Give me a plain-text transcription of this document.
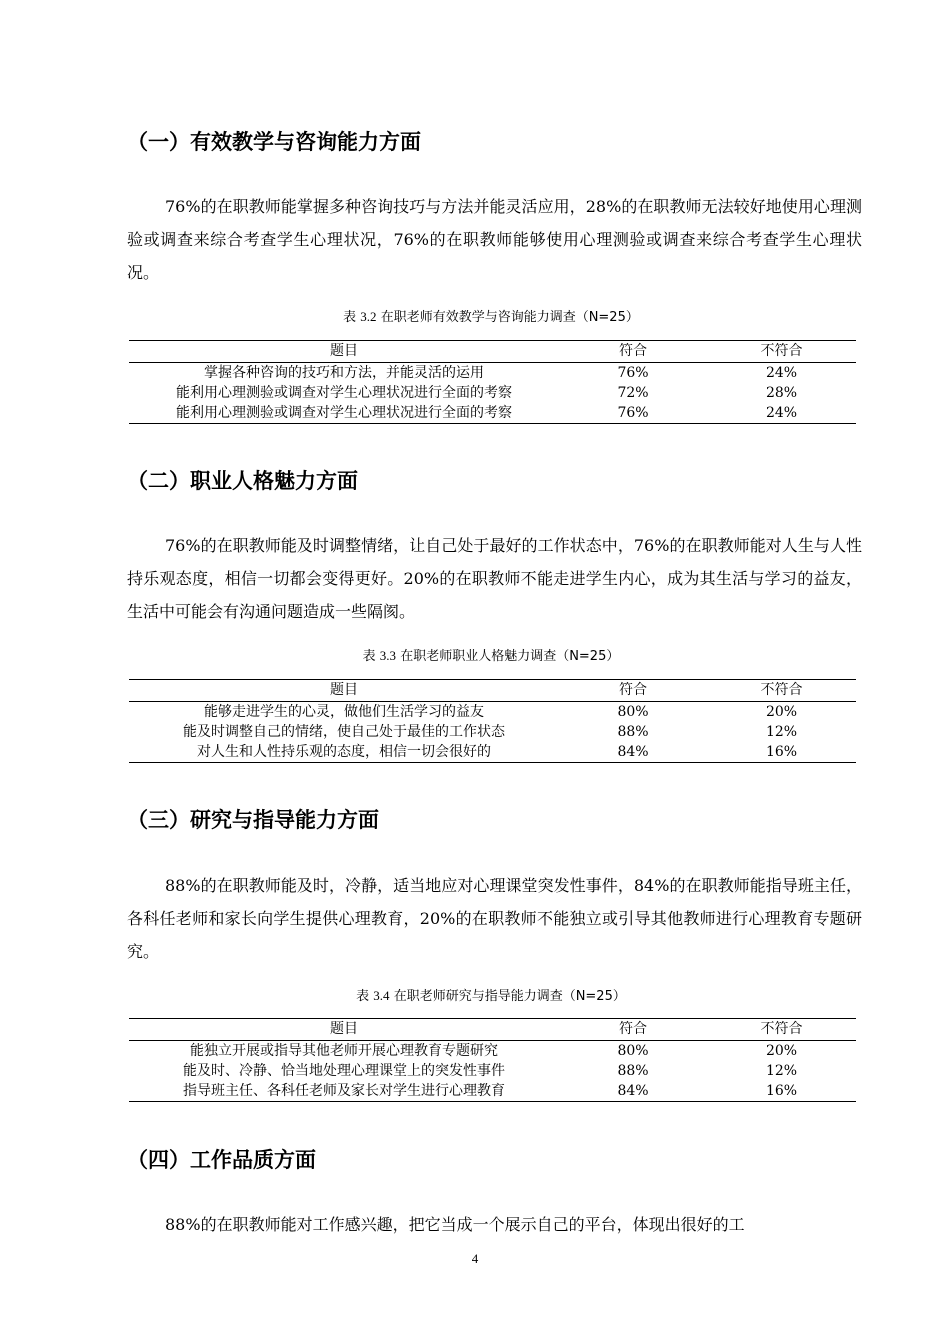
（一）有效教学与咨询能力方面
76%的在职教师能掌握多种咨询技巧与方法并能灵活应用，28%的在职教师无法较好地使用心理测验或调查来综合考查学生心理状况，76%的在职教师能够使用心理测验或调查来综合考查学生心理状况。
表 3.2 在职老师有效教学与咨询能力调查（N=25）
题目	符合	不符合
掌握各种咨询的技巧和方法，并能灵活的运用	76%	24%
能利用心理测验或调查对学生心理状况进行全面的考察	72%	28%
能利用心理测验或调查对学生心理状况进行全面的考察	76%	24%
（二）职业人格魅力方面
76%的在职教师能及时调整情绪，让自己处于最好的工作状态中，76%的在职教师能对人生与人性持乐观态度，相信一切都会变得更好。20%的在职教师不能走进学生内心，成为其生活与学习的益友，生活中可能会有沟通问题造成一些隔阂。
表 3.3 在职老师职业人格魅力调查（N=25）
题目	符合	不符合
能够走进学生的心灵，做他们生活学习的益友	80%	20%
能及时调整自己的情绪，使自己处于最佳的工作状态	88%	12%
对人生和人性持乐观的态度，相信一切会很好的	84%	16%
（三）研究与指导能力方面
88%的在职教师能及时，冷静，适当地应对心理课堂突发性事件，84%的在职教师能指导班主任，各科任老师和家长向学生提供心理教育，20%的在职教师不能独立或引导其他教师进行心理教育专题研究。
表 3.4 在职老师研究与指导能力调查（N=25）
题目	符合	不符合
能独立开展或指导其他老师开展心理教育专题研究	80%	20%
能及时、冷静、恰当地处理心理课堂上的突发性事件	88%	12%
指导班主任、各科任老师及家长对学生进行心理教育	84%	16%
（四）工作品质方面
88%的在职教师能对工作感兴趣，把它当成一个展示自己的平台，体现出很好的工
4
